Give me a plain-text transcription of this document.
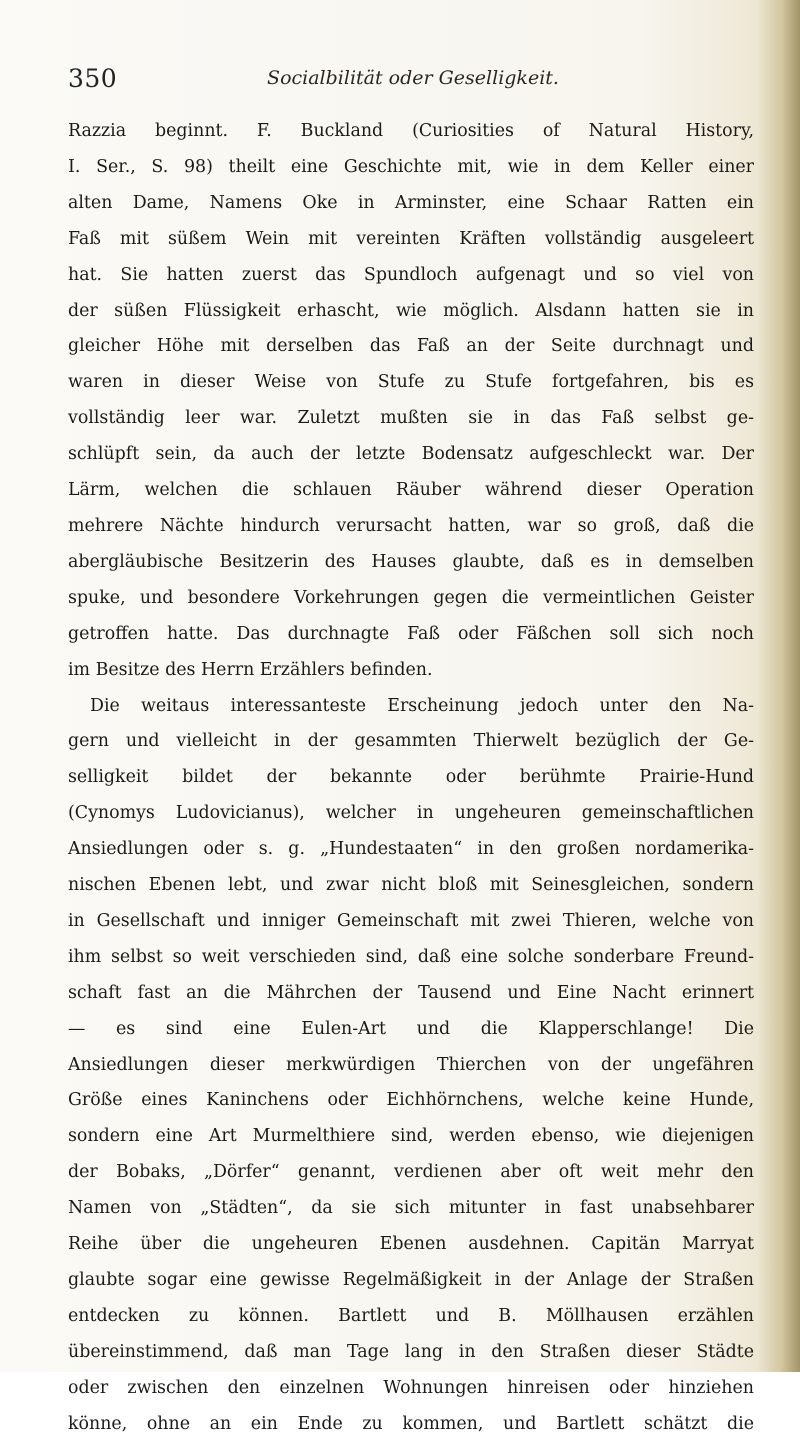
350	Socialbilität oder Geselligkeit.
Razzia beginnt. F. Buckland (Curiosities of Natural History,
I. Ser., S. 98) theilt eine Geschichte mit, wie in dem Keller einer
alten Dame, Namens Oke in Arminster, eine Schaar Ratten ein
Faß mit süßem Wein mit vereinten Kräften vollständig ausgeleert
hat. Sie hatten zuerst das Spundloch aufgenagt und so viel von
der süßen Flüssigkeit erhascht, wie möglich. Alsdann hatten sie in
gleicher Höhe mit derselben das Faß an der Seite durchnagt und
waren in dieser Weise von Stufe zu Stufe fortgefahren, bis es
vollständig leer war. Zuletzt mußten sie in das Faß selbst ge-
schlüpft sein, da auch der letzte Bodensatz aufgeschleckt war. Der
Lärm, welchen die schlauen Räuber während dieser Operation
mehrere Nächte hindurch verursacht hatten, war so groß, daß die
abergläubische Besitzerin des Hauses glaubte, daß es in demselben
spuke, und besondere Vorkehrungen gegen die vermeintlichen Geister
getroffen hatte. Das durchnagte Faß oder Fäßchen soll sich noch
im Besitze des Herrn Erzählers befinden.
Die weitaus interessanteste Erscheinung jedoch unter den Na-
gern und vielleicht in der gesammten Thierwelt bezüglich der Ge-
selligkeit bildet der bekannte oder berühmte Prairie-Hund
(Cynomys Ludovicianus), welcher in ungeheuren gemeinschaftlichen
Ansiedlungen oder s. g. „Hundestaaten“ in den großen nordamerika-
nischen Ebenen lebt, und zwar nicht bloß mit Seinesgleichen, sondern
in Gesellschaft und inniger Gemeinschaft mit zwei Thieren, welche von
ihm selbst so weit verschieden sind, daß eine solche sonderbare Freund-
schaft fast an die Mährchen der Tausend und Eine Nacht erinnert
— es sind eine Eulen-Art und die Klapperschlange! Die
Ansiedlungen dieser merkwürdigen Thierchen von der ungefähren
Größe eines Kaninchens oder Eichhörnchens, welche keine Hunde,
sondern eine Art Murmelthiere sind, werden ebenso, wie diejenigen
der Bobaks, „Dörfer“ genannt, verdienen aber oft weit mehr den
Namen von „Städten“, da sie sich mitunter in fast unabsehbarer
Reihe über die ungeheuren Ebenen ausdehnen. Capitän Marryat
glaubte sogar eine gewisse Regelmäßigkeit in der Anlage der Straßen
entdecken zu können. Bartlett und B. Möllhausen erzählen
übereinstimmend, daß man Tage lang in den Straßen dieser Städte
oder zwischen den einzelnen Wohnungen hinreisen oder hinziehen
könne, ohne an ein Ende zu kommen, und Bartlett schätzt die
